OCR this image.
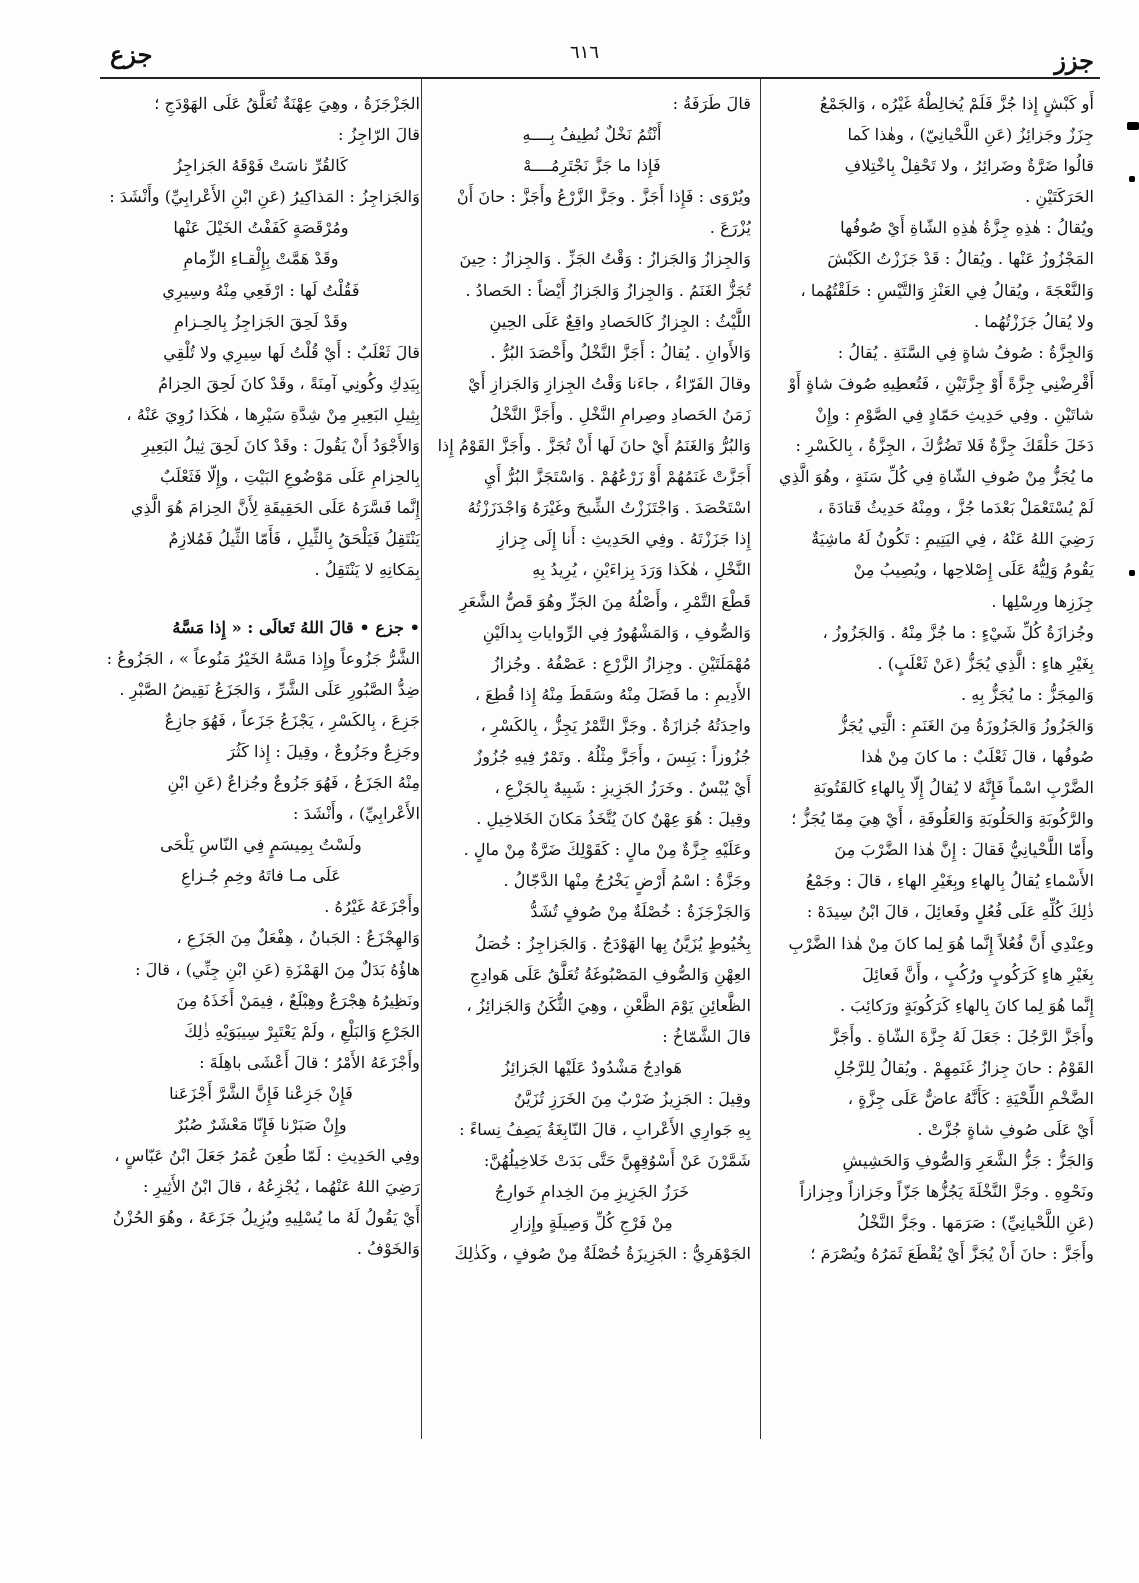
جزز
٦١٦
جزع

أَو كَبْشٍ إِذا جُزَّ فَلَمْ يُخالِطْهُ غَيْرُه ، وَالجَمْعُ

جِزَزٌ وجَزائِزُ (عَنِ اللَّحْيانِيّ) ، وهٰذا كَما

قالُوا ضَرَّةٌ وضَرائِرُ ، ولا تَحْفِلْ بِاخْتِلافِ

الحَرَكَتَيْنِ .

ويُقالُ : هٰذِهِ جِزَّةُ هٰذِهِ الشّاةِ أَيْ صُوفُها

المَجْزُوزُ عَنْها . ويُقالُ : قَدْ جَزَزْتُ الكَبْشَ

وَالنَّعْجَةَ ، ويُقالُ فِي العَنْزِ وَالتَّيْسِ : حَلَقْتُهُما ،

ولا يُقالُ جَزَزْتُهُما .

وَالجِزَّةُ : صُوفُ شاةٍ فِي السَّنَةِ . يُقالُ :

أَقْرِضْنِي جِزَّةً أَوْ جِزَّتَيْنِ ، فَتُعطِيهِ صُوفَ شاةٍ أَوْ

شاتَيْنِ . وفِي حَدِيثِ حَمّادٍ فِي الصَّوْمِ : وإِنْ

دَخَلَ حَلْقَكَ جِزَّةٌ فَلا تَضُرُّكَ ، الجِزَّةُ ، بِالكَسْرِ :

ما يُجَزُّ مِنْ صُوفِ الشّاةِ فِي كُلِّ سَنَةٍ ، وهُوَ الَّذِي

لَمْ يُسْتَعْمَلْ بَعْدَما جُزَّ ، ومِنْهُ حَدِيثُ قَتادَةَ ،

رَضِيَ اللهُ عَنْهُ ، فِي اليَتِيمِ : تَكُونُ لَهُ ماشِيَةٌ

يَقُومُ وَلِيُّهُ عَلَى إِصْلاحِها ، ويُصِيبُ مِنْ

جِزَزِها ورِسْلِها .

وجُزازَةُ كُلِّ شَيْءٍ : ما جُزَّ مِنْهُ . وَالجَزُوزُ ،

بِغَيْرِ هاءٍ : الَّذِي يُجَزُّ (عَنْ ثَعْلَبٍ) .

وَالمِجَزُّ : ما يُجَزُّ بِهِ .

وَالجَزُوزُ وَالجَزُوزَةُ مِنَ الغَنَمِ : الَّتِي يُجَزُّ

صُوفُها ، قالَ ثَعْلَبٌ : ما كانَ مِنْ هٰذا

الضَّرْبِ اسْماً فَإِنَّهُ لا يُقالُ إِلّا بِالهاءِ كَالقَتُوبَةِ

والرَّكُوبَةِ وَالحَلُوبَةِ وَالعَلُوفَةِ ، أَيْ هِيَ مِمّا يُجَزُّ ؛

وأَمّا اللَّحْيانِيُّ فَقالَ : إِنَّ هٰذا الضَّرْبَ مِنَ

الأَسْماءِ يُقالُ بِالهاءِ وبِغَيْرِ الهاءِ ، قالَ : وجَمْعُ

ذٰلِكَ كُلِّهِ عَلَى فُعُلٍ وفَعائِلَ ، قالَ ابْنُ سِيدَهْ :

وعِنْدِي أَنَّ فُعُلاً إِنَّما هُوَ لِما كانَ مِنْ هٰذا الضَّرْبِ

بِغَيْرِ هاءٍ كَرَكُوبٍ ورُكُبٍ ، وأَنَّ فَعائِلَ

إِنَّما هُوَ لِما كانَ بِالهاءِ كَرَكُوبَةٍ ورَكائِبَ .

وأَجَزَّ الرَّجُلَ : جَعَلَ لَهُ جِزَّةَ الشّاةِ . وأَجَزَّ

القَوْمُ : حانَ جِزازُ غَنَمِهِمْ . ويُقالُ لِلرَّجُلِ

الضَّخْمِ اللِّحْيَةِ : كَأَنَّهُ عاضٌّ عَلَى جِزَّةٍ ،

أَيْ عَلَى صُوفِ شاةٍ جُزَّتْ .

وَالجَزُّ : جَزُّ الشَّعَرِ وَالصُّوفِ وَالحَشِيشِ

ونَحْوِهِ . وجَزَّ النَّخْلَةَ يَجُزُّها جَزّاً وجَزازاً وجِزازاً

(عَنِ اللَّحْيانِيِّ) : صَرَمَها . وجَزَّ النَّخْلُ

وأَجَزَّ : حانَ أَنْ يُجَزَّ أَيْ يُقْطَعَ ثَمَرُهُ ويُصْرَمَ ؛

قالَ طَرَفَةُ :

أَنْتُمُ نَخْلٌ نُطِيفُ بِــــهِ

فَإِذا ما جَزَّ نَجْتَرِمُــــهْ

ويُرْوَى : فَإِذا أَجَزَّ . وجَزَّ الزَّرْعُ وأَجَزَّ : حانَ أَنْ

يُزْرَعَ .

وَالجِزازُ وَالجَزازُ : وَقْتُ الجَزِّ . وَالجِزازُ : حِينَ

تُجَزُّ الغَنَمُ . وَالجِزازُ وَالجَزازُ أَيْضاً : الحَصادُ .

اللَّيْثُ : الجِزازُ كَالحَصادِ واقِعٌ عَلَى الحِينِ

وَالأَوانِ . يُقالُ : أَجَزَّ النَّخْلُ وأَحْصَدَ البُرُّ .

وقالَ الفَرّاءُ ، جاءَنا وَقْتُ الجِزازِ وَالجَزازِ أَيْ

زَمَنُ الحَصادِ وصِرامِ النَّخْلِ . وأَجَزَّ النَّخْلُ

وَالبُرُّ وَالغَنَمُ أَيْ حانَ لَها أَنْ تُجَزَّ . وأَجَزَّ القَوْمُ إِذا

أَجَزَّتْ غَنَمُهُمْ أَوْ زَرْعُهُمْ . وَاسْتَجَزَّ البُرُّ أَيِ

اسْتَحْصَدَ . وَاجْتَزَزْتُ الشِّيحَ وغَيْرَهُ وَاجْدَزَزْتُهُ

إِذا جَزَزْتَهُ . وفِي الحَدِيثِ : أَنا إِلَى جِزازِ

النَّخْلِ ، هٰكَذا وَرَدَ بِزاءَيْنِ ، يُرِيدُ بِهِ

قَطْعَ التَّمْرِ ، وأَصْلُهُ مِنَ الجَزِّ وهُوَ قَصُّ الشَّعَرِ

وَالصُّوفِ ، وَالمَشْهُورُ فِي الرِّواياتِ بِدالَيْنِ

مُهْمَلَتَيْنِ . وجِزازُ الزَّرْعِ : عَصْفُهُ . وجُزازُ

الأَدِيمِ : ما فَضَلَ مِنْهُ وسَقَطَ مِنْهُ إِذا قُطِعَ ،

واحِدَتُهُ جُزازَةٌ . وجَزَّ التَّمْرُ يَجِزُّ ، بِالكَسْرِ ،

جُزُوزاً : يَبِسَ ، وأَجَزَّ مِثْلُهُ . وتَمْرٌ فِيهِ جُزُوزٌ

أَيْ يُبْسٌ . وخَرَزُ الجَزِيزِ : شَبِيهٌ بِالجَزْعِ ،

وقِيلَ : هُوَ عِهْنٌ كانَ يُتَّخَذُ مَكانَ الخَلاخِيلِ .

وعَلَيْهِ جِزَّةٌ مِنْ مالٍ : كَقَوْلِكَ ضَرَّةٌ مِنْ مالٍ .

وجَزَّةُ : اسْمُ أَرْضٍ يَخْرُجُ مِنْها الدَّجّالُ .

وَالجَزْجَزَةُ : خُصْلَةٌ مِنْ صُوفٍ تُشَدُّ

بِخُيُوطٍ يُزَيَّنُ بِها الهَوْدَجُ . وَالجَزاجِزُ : خُصَلُ

العِهْنِ وَالصُّوفِ المَصْبُوغَةُ تُعَلَّقُ عَلَى هَوادِجِ

الظَّعائِنِ يَوْمَ الظَّعْنِ ، وهِيَ الثُّكَنُ وَالجَزائِزُ ،

قالَ الشَّمّاخُ :

هَوادِجُ مَشْدُودٌ عَلَيْها الجَزائِزُ

وقِيلَ : الجَزِيزُ ضَرْبٌ مِنَ الخَرَزِ تُزَيَّنُ

بِهِ جَوارِي الأَعْرابِ ، قالَ النّابِغَةُ يَصِفُ نِساءً :

شَمَّرْنَ عَنْ أَسْوُقِهِنَّ حَتَّى بَدَتْ خَلاخِيلُهُنَّ:

خَرَزُ الجَزِيزِ مِنَ الخِدامِ خَوارِجُ

مِنْ فَرْجِ كُلِّ وَصِيلَةٍ وإِزارِ

الجَوْهَرِيُّ : الجَزِيزَةُ خُصْلَةٌ مِنْ صُوفٍ ، وكَذٰلِكَ

الجَزْجَزَةُ ، وهِيَ عِهْنَةٌ تُعَلَّقُ عَلَى الهَوْدَجِ ؛

قالَ الرّاجِزُ :

كَالقُرِّ ناسَتْ فَوْقَهُ الجَزاجِزُ

وَالجَزاجِزُ : المَذاكِيرُ (عَنِ ابْنِ الأَعْرابِيِّ) وأَنْشَدَ :

ومُرْقَصَةٍ كَفَفْتُ الخَيْلَ عَنْها

وقَدْ هَمَّتْ بِإِلْقـاءِ الزِّمامِ

فَقُلْتُ لَها : ارْفَعِي مِنْهُ وسِيرِي

وقَدْ لَحِقَ الجَزاجِزُ بِالحِـزامِ

قالَ ثَعْلَبٌ : أَيْ قُلْتُ لَها سِيرِي ولا تُلْقِي

بِيَدِكِ وكُونِي آمِنَةً ، وقَدْ كانَ لَحِقَ الحِزامُ

بِثِيلِ البَعِيرِ مِنْ شِدَّةِ سَيْرِها ، هٰكَذا رُوِيَ عَنْهُ ،

وَالأَجْوَدُ أَنْ يَقُولَ : وقَدْ كانَ لَحِقَ ثِيلُ البَعِيرِ

بِالحِزامِ عَلَى مَوْضُوعِ البَيْتِ ، وإِلّا فَثَعْلَبٌ

إِنَّما فَسَّرَهُ عَلَى الحَقِيقَةِ لِأَنَّ الحِزامَ هُوَ الَّذِي

يَنْتَقِلُ فَيَلْحَقُ بِالثِّيلِ ، فَأَمّا الثِّيلُ فَمُلازِمٌ

بِمَكانِهِ لا يَنْتَقِلُ .

• جزع • قالَ اللهُ تَعالَى : « إِذا مَسَّهُ

الشَّرُّ جَزُوعاً وإِذا مَسَّهُ الخَيْرُ مَنُوعاً » ، الجَزُوعُ :

ضِدُّ الصَّبُورِ عَلَى الشَّرِّ ، وَالجَزَعُ نَقِيضُ الصَّبْرِ .

جَزِعَ ، بِالكَسْرِ ، يَجْزَعُ جَزَعاً ، فَهُوَ جازِعٌ

وجَزِعٌ وجَزُوعٌ ، وقِيلَ : إِذا كَثُرَ

مِنْهُ الجَزَعُ ، فَهُوَ جَزُوعٌ وجُزاعٌ (عَنِ ابْنِ

الأَعْرابِيِّ) ، وأَنْشَدَ :

ولَسْتُ بِمِيسَمٍ فِي النّاسِ يَلْحَى

عَلَى مـا فاتَهُ وخِمِ جُـزاعِ

وأَجْزَعَهُ غَيْرُهُ .

وَالهِجْزَعُ : الجَبانُ ، هِفْعَلٌ مِنَ الجَزَعِ ،

هاؤُهُ بَدَلٌ مِنَ الهَمْزَةِ (عَنِ ابْنِ جِنِّي) ، قالَ :

ونَظِيرُهُ هِجْرَعٌ وهِبْلَعٌ ، فِيمَنْ أَخَذَهُ مِنَ

الجَرْعِ وَالبَلْعِ ، ولَمْ يَعْتَبِرْ سِيبَوَيْهِ ذٰلِكَ

وأَجْزَعَهُ الأَمْرُ ؛ قالَ أَعْشَى باهِلَةَ :

فَإِنْ جَزِعْنا فَإِنَّ الشَّرَّ أَجْزَعَنا

وإِنْ صَبَرْنا فَإِنّا مَعْشَرٌ صُبُرٌ

وفِي الحَدِيثِ : لَمّا طُعِنَ عُمَرُ جَعَلَ ابْنُ عَبّاسٍ ،

رَضِيَ اللهُ عَنْهُما ، يُجْزِعُهُ ، قالَ ابْنُ الأَثِيرِ :

أَيْ يَقُولُ لَهُ ما يُسْلِيهِ ويُزِيلُ جَزَعَهُ ، وهُوَ الحُزْنُ

وَالخَوْفُ .
